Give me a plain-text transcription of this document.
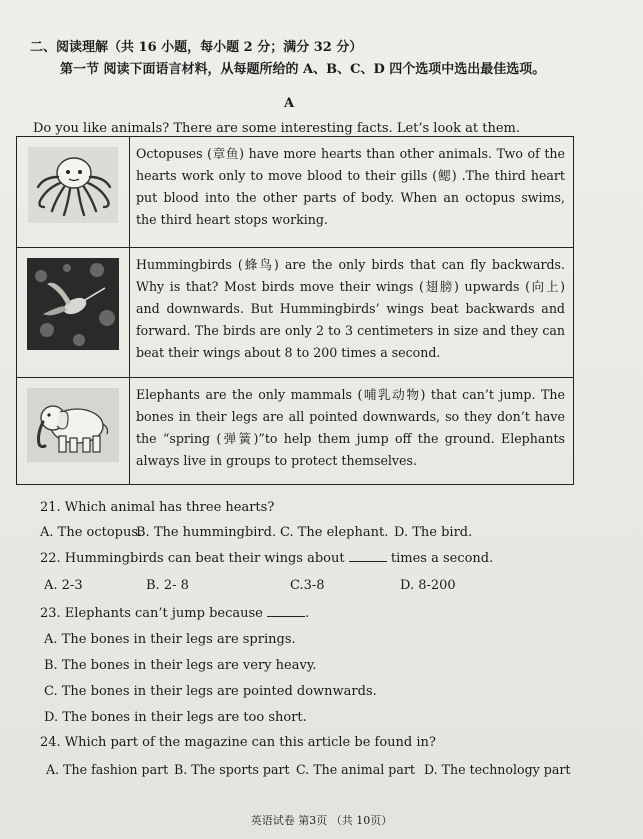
二、阅读理解（共 16 小题，每小题 2 分；满分 32 分）
第一节 阅读下面语言材料，从每题所给的 A、B、C、D 四个选项中选出最佳选项。
A
Do you like animals? There are some interesting facts. Let’s look at them.
	Octopuses (章鱼) have more hearts than other animals. Two of the hearts work only to move blood to their gills (鳃) .The third heart put blood into the other parts of body. When an octopus swims, the third heart stops working.

	Hummingbirds (蜂鸟) are the only birds that can fly backwards. Why is that? Most birds move their wings (翅膀) upwards (向上) and downwards. But Hummingbirds’ wings beat backwards and forward. The birds are only 2 to 3 centimeters in size and they can beat their wings about 8 to 200 times a second.

	Elephants are the only mammals (哺乳动物) that can’t jump. The bones in their legs are all pointed downwards, so they don’t have the “spring (弹簧)”to help them jump off the ground. Elephants always live in groups to protect themselves.
21. Which animal has three hearts?
A. The octopus.B. The hummingbird. C. The elephant. D. The bird.
22. Hummingbirds can beat their wings about	times a second.
A. 2-3	B. 2- 8	C.3-8	D. 8-200
23. Elephants can’t jump because	.
A. The bones in their legs are springs.
B. The bones in their legs are very heavy.
C. The bones in their legs are pointed downwards.
D. The bones in their legs are too short.
24. Which part of the magazine can this article be found in?
A. The fashion part B. The sports part C. The animal part D. The technology part
英语试卷 第3页 （共 10页）
